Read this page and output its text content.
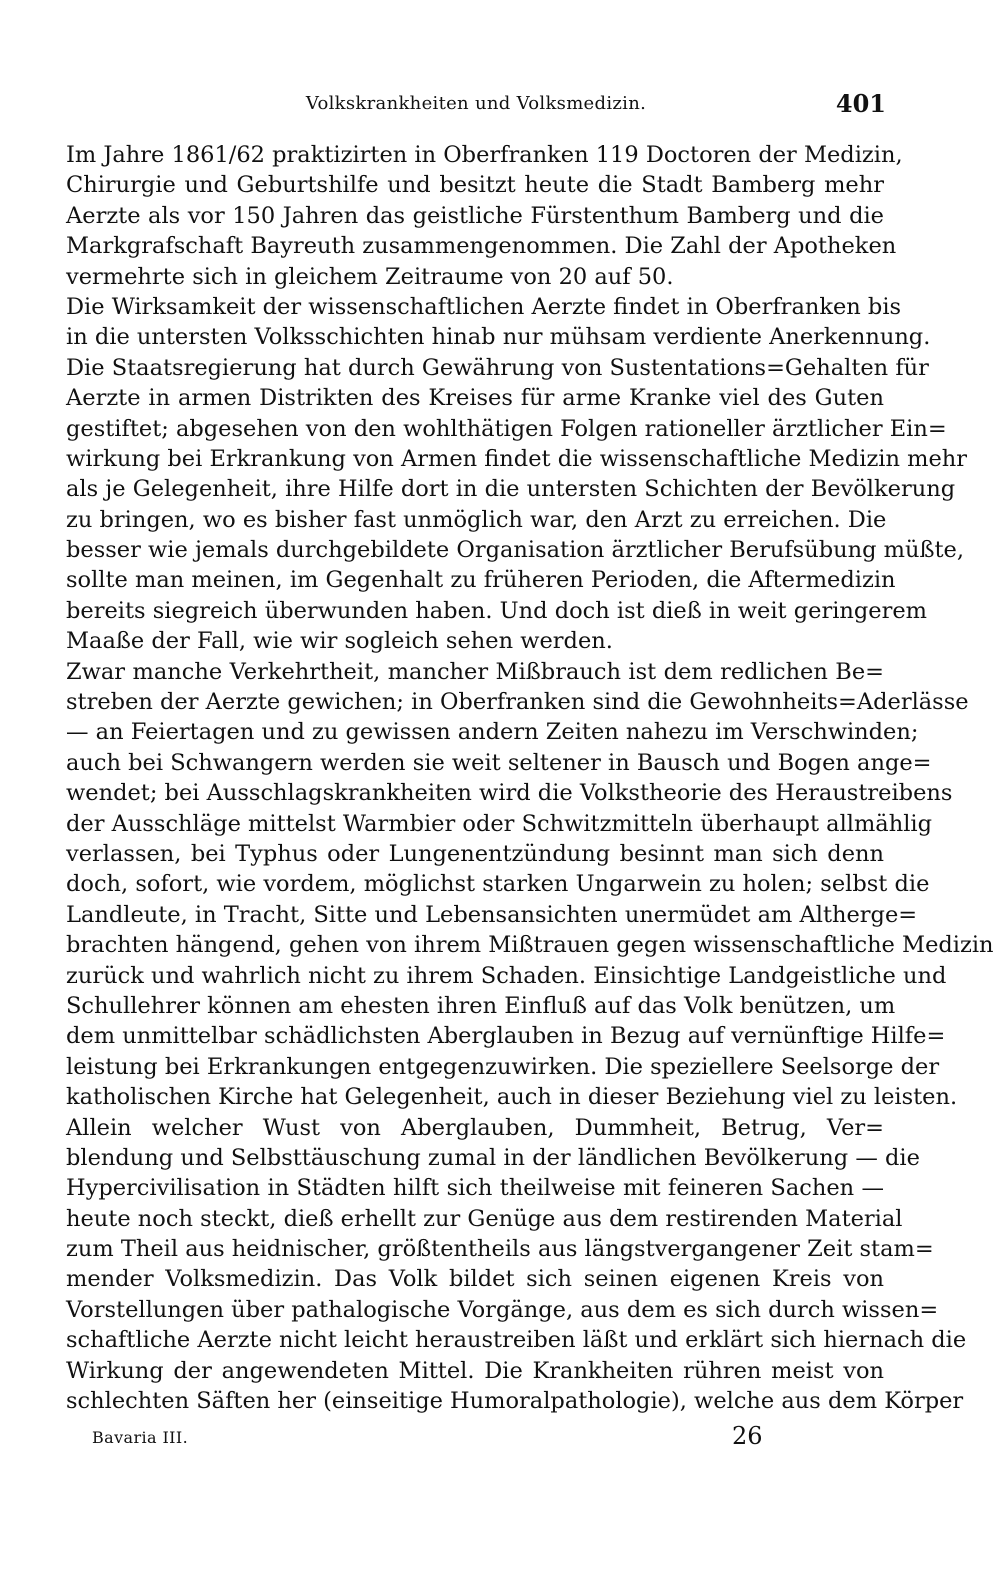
Volkskrankheiten und Volksmedizin.	401
Im Jahre 1861/62 praktizirten in Oberfranken 119 Doctoren der Medizin,
Chirurgie und Geburtshilfe und besitzt heute die Stadt Bamberg mehr
Aerzte als vor 150 Jahren das geistliche Fürstenthum Bamberg und die
Markgrafschaft Bayreuth zusammengenommen. Die Zahl der Apotheken
vermehrte sich in gleichem Zeitraume von 20 auf 50.
Die Wirksamkeit der wissenschaftlichen Aerzte findet in Oberfranken bis
in die untersten Volksschichten hinab nur mühsam verdiente Anerkennung.
Die Staatsregierung hat durch Gewährung von Sustentations=Gehalten für
Aerzte in armen Distrikten des Kreises für arme Kranke viel des Guten
gestiftet; abgesehen von den wohlthätigen Folgen rationeller ärztlicher Ein=
wirkung bei Erkrankung von Armen findet die wissenschaftliche Medizin mehr
als je Gelegenheit, ihre Hilfe dort in die untersten Schichten der Bevölkerung
zu bringen, wo es bisher fast unmöglich war, den Arzt zu erreichen. Die
besser wie jemals durchgebildete Organisation ärztlicher Berufsübung müßte,
sollte man meinen, im Gegenhalt zu früheren Perioden, die Aftermedizin
bereits siegreich überwunden haben. Und doch ist dieß in weit geringerem
Maaße der Fall, wie wir sogleich sehen werden.
Zwar manche Verkehrtheit, mancher Mißbrauch ist dem redlichen Be=
streben der Aerzte gewichen; in Oberfranken sind die Gewohnheits=Aderlässe
— an Feiertagen und zu gewissen andern Zeiten nahezu im Verschwinden;
auch bei Schwangern werden sie weit seltener in Bausch und Bogen ange=
wendet; bei Ausschlagskrankheiten wird die Volkstheorie des Heraustreibens
der Ausschläge mittelst Warmbier oder Schwitzmitteln überhaupt allmählig
verlassen, bei Typhus oder Lungenentzündung besinnt man sich denn
doch, sofort, wie vordem, möglichst starken Ungarwein zu holen; selbst die
Landleute, in Tracht, Sitte und Lebensansichten unermüdet am Altherge=
brachten hängend, gehen von ihrem Mißtrauen gegen wissenschaftliche Medizin
zurück und wahrlich nicht zu ihrem Schaden. Einsichtige Landgeistliche und
Schullehrer können am ehesten ihren Einfluß auf das Volk benützen, um
dem unmittelbar schädlichsten Aberglauben in Bezug auf vernünftige Hilfe=
leistung bei Erkrankungen entgegenzuwirken. Die speziellere Seelsorge der
katholischen Kirche hat Gelegenheit, auch in dieser Beziehung viel zu leisten.
Allein welcher Wust von Aberglauben, Dummheit, Betrug, Ver=
blendung und Selbsttäuschung zumal in der ländlichen Bevölkerung — die
Hypercivilisation in Städten hilft sich theilweise mit feineren Sachen —
heute noch steckt, dieß erhellt zur Genüge aus dem restirenden Material
zum Theil aus heidnischer, größtentheils aus längstvergangener Zeit stam=
mender Volksmedizin. Das Volk bildet sich seinen eigenen Kreis von
Vorstellungen über pathalogische Vorgänge, aus dem es sich durch wissen=
schaftliche Aerzte nicht leicht heraustreiben läßt und erklärt sich hiernach die
Wirkung der angewendeten Mittel. Die Krankheiten rühren meist von
schlechten Säften her (einseitige Humoralpathologie), welche aus dem Körper
Bavaria III.	26
